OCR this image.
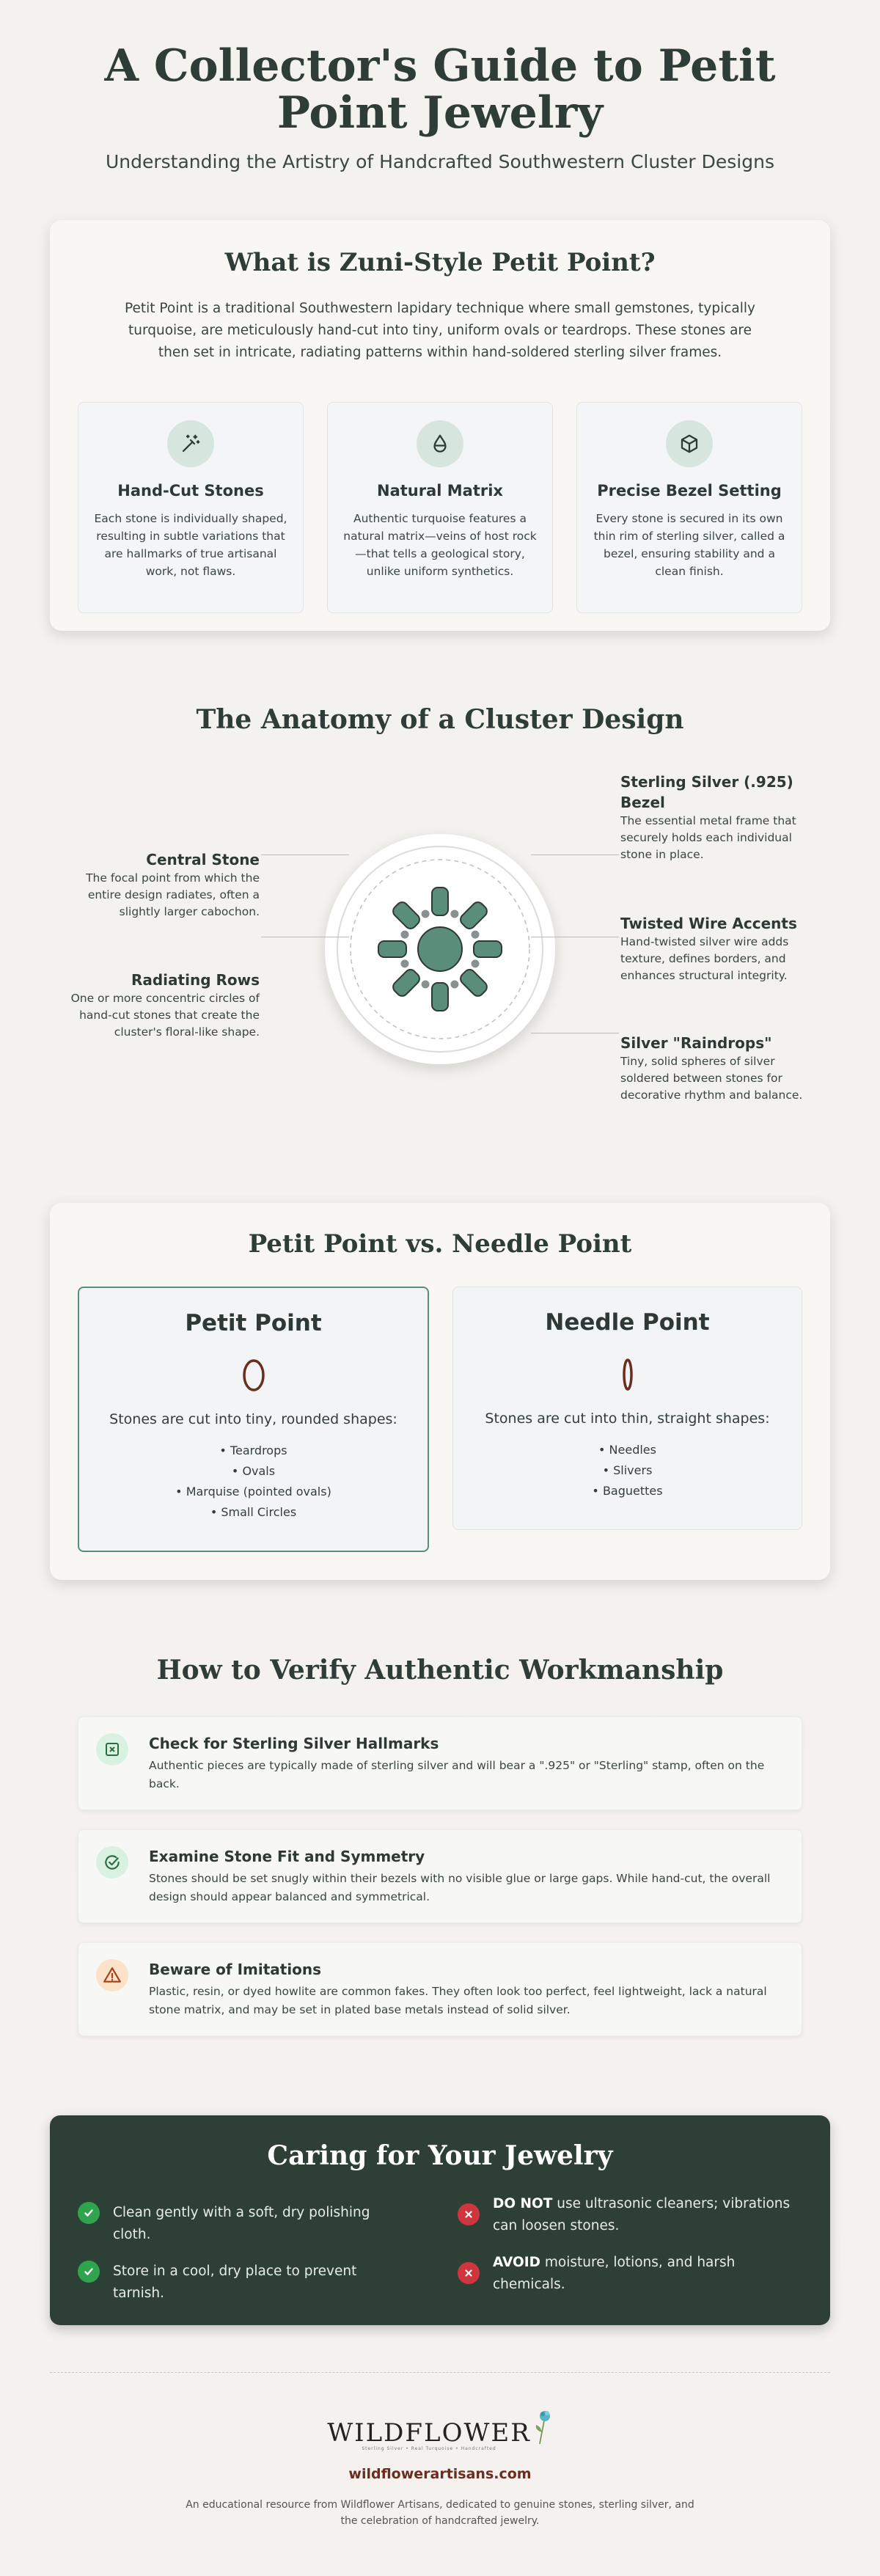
A Collector's Guide to Petit Point Jewelry
Understanding the Artistry of Handcrafted Southwestern Cluster Designs
What is Zuni-Style Petit Point?
Petit Point is a traditional Southwestern lapidary technique where small gemstones, typically turquoise, are meticulously hand-cut into tiny, uniform ovals or teardrops. These stones are then set in intricate, radiating patterns within hand-soldered sterling silver frames.
Hand-Cut Stones

Each stone is individually shaped, resulting in subtle variations that are hallmarks of true artisanal work, not flaws.

Natural Matrix

Authentic turquoise features a natural matrix—veins of host rock—that tells a geological story, unlike uniform synthetics.

Precise Bezel Setting

Every stone is secured in its own thin rim of sterling silver, called a bezel, ensuring stability and a clean finish.

The Anatomy of a Cluster Design
Central Stone

The focal point from which the entire design radiates, often a slightly larger cabochon.

Radiating Rows

One or more concentric circles of hand-cut stones that create the cluster's floral-like shape.

Sterling Silver (.925) Bezel

The essential metal frame that securely holds each individual stone in place.

Twisted Wire Accents

Hand-twisted silver wire adds texture, defines borders, and enhances structural integrity.

Silver "Raindrops"

Tiny, solid spheres of silver soldered between stones for decorative rhythm and balance.

Petit Point vs. Needle Point
Petit Point
Stones are cut into tiny, rounded shapes:
• Teardrops
• Ovals
• Marquise (pointed ovals)
• Small Circles
Needle Point
Stones are cut into thin, straight shapes:
• Needles
• Slivers
• Baguettes
How to Verify Authentic Workmanship
Check for Sterling Silver Hallmarks

Authentic pieces are typically made of sterling silver and will bear a ".925" or "Sterling" stamp, often on the back.

Examine Stone Fit and Symmetry

Stones should be set snugly within their bezels with no visible glue or large gaps. While hand-cut, the overall design should appear balanced and symmetrical.

Beware of Imitations

Plastic, resin, or dyed howlite are common fakes. They often look too perfect, feel lightweight, lack a natural stone matrix, and may be set in plated base metals instead of solid silver.

Caring for Your Jewelry
Clean gently with a soft, dry polishing cloth.
Store in a cool, dry place to prevent tarnish.
DO NOT use ultrasonic cleaners; vibrations can loosen stones.
AVOID moisture, lotions, and harsh chemicals.
WILDFLOWER
Sterling Silver • Real Turquoise • Handcrafted
wildflowerartisans.com
An educational resource from Wildflower Artisans, dedicated to genuine stones, sterling silver, and the celebration of handcrafted jewelry.
